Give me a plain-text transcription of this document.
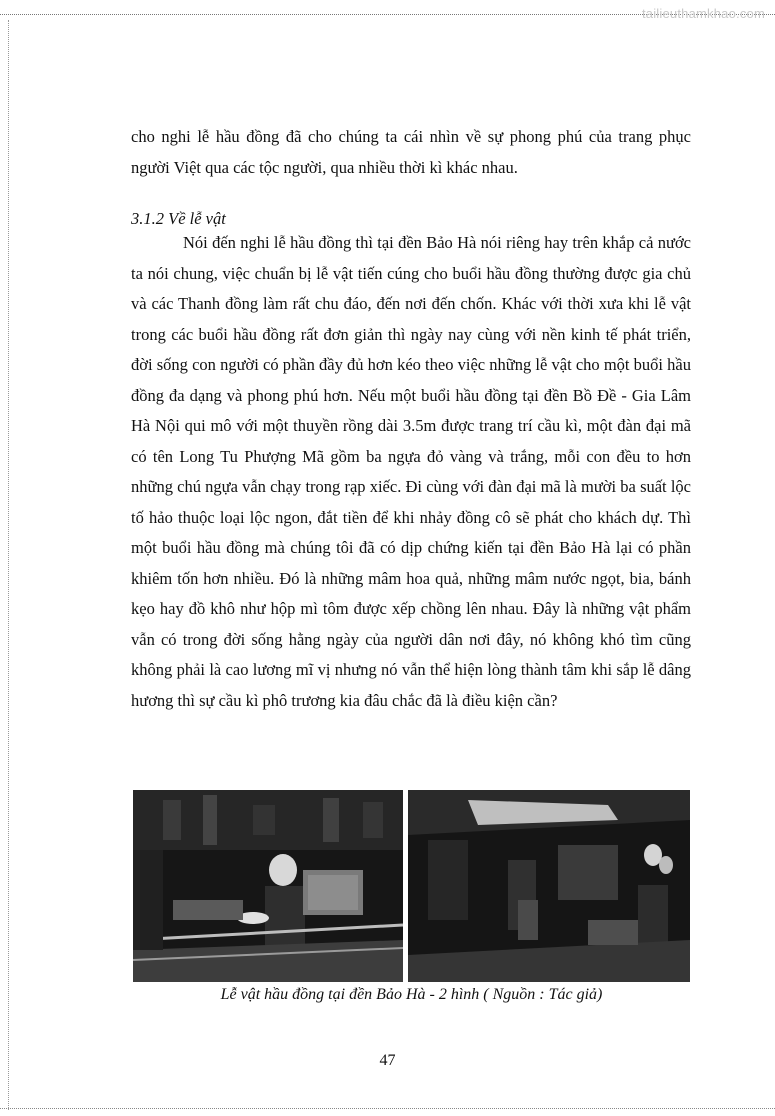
tailieuthamkhao.com

cho nghi lễ hầu đồng đã cho chúng ta cái nhìn về sự phong phú của trang phục người Việt qua các tộc người, qua nhiều thời kì khác nhau.

3.1.2 Về lễ vật

Nói đến nghi lễ hầu đồng thì tại đền Bảo Hà nói riêng hay trên khắp cả nước ta nói chung, việc chuẩn bị lễ vật tiến cúng cho buổi hầu đồng thường được gia chủ và các Thanh đồng làm rất chu đáo, đến nơi đến chốn. Khác với thời xưa khi lễ vật trong các buổi hầu đồng rất đơn giản thì ngày nay cùng với nền kinh tế phát triển, đời sống con người có phần đầy đủ hơn kéo theo việc những lễ vật cho một buổi hầu đồng đa dạng và phong phú hơn. Nếu một buổi hầu đồng tại đền Bồ Đề - Gia Lâm Hà Nội qui mô với một thuyền rồng dài 3.5m được trang trí cầu kì, một đàn đại mã có tên Long Tu Phượng Mã gồm ba ngựa đỏ vàng và trắng, mỗi con đều to hơn những chú ngựa vẫn chạy trong rạp xiếc. Đi cùng với đàn đại mã là mười ba suất lộc tố hảo thuộc loại lộc ngon, đắt tiền để khi nhảy đồng cô sẽ phát cho khách dự. Thì một buổi hầu đồng mà chúng tôi đã có dịp chứng kiến tại đền Bảo Hà lại có phần khiêm tốn hơn nhiều. Đó là những mâm hoa quả, những mâm nước ngọt, bia, bánh kẹo hay đồ khô như hộp mì tôm được xếp chồng lên nhau. Đây là những vật phẩm vẫn có trong đời sống hằng ngày của người dân nơi đây, nó không khó tìm cũng không phải là cao lương mĩ vị nhưng nó vẫn thể hiện lòng thành tâm khi sắp lễ dâng hương thì sự cầu kì phô trương kia đâu chắc đã là điều kiện cần?

Lễ vật hầu đồng tại đền Bảo Hà - 2 hình ( Nguồn : Tác giả)
47
